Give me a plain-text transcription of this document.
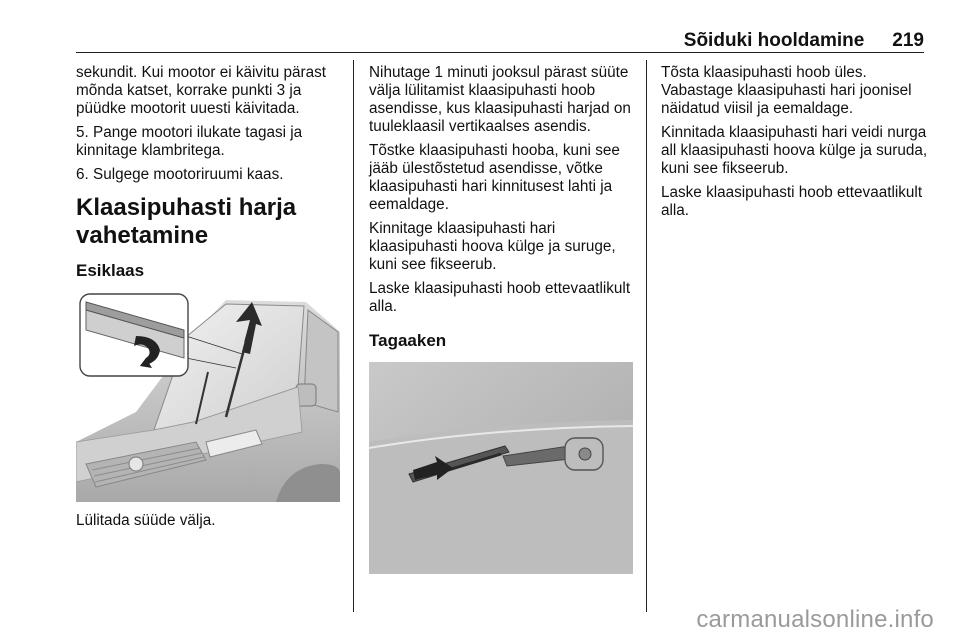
Sõiduki hooldamine 219

sekundit. Kui mootor ei käivitu pärast mõnda katset, korrake punkti 3 ja püüdke mootorit uuesti käivitada.

5. Pange mootori ilukate tagasi ja kinnitage klambritega.

6. Sulgege mootoriruumi kaas.

Klaasipuhasti harja vahetamine
Esiklaas

Lülitada süüde välja.

Nihutage 1 minuti jooksul pärast süüte välja lülitamist klaasipuhasti hoob asendisse, kus klaasipuhasti harjad on tuuleklaasil vertikaalses asendis.

Tõstke klaasipuhasti hooba, kuni see jääb ülestõstetud asendisse, võtke klaasipuhasti hari kinnitusest lahti ja eemaldage.

Kinnitage klaasipuhasti hari klaasipuhasti hoova külge ja suruge, kuni see fikseerub.

Laske klaasipuhasti hoob ettevaatlikult alla.

Tagaaken

Tõsta klaasipuhasti hoob üles. Vabastage klaasipuhasti hari joonisel näidatud viisil ja eemaldage.

Kinnitada klaasipuhasti hari veidi nurga all klaasipuhasti hoova külge ja suruda, kuni see fikseerub.

Laske klaasipuhasti hoob ettevaatlikult alla.

carmanualsonline.info
